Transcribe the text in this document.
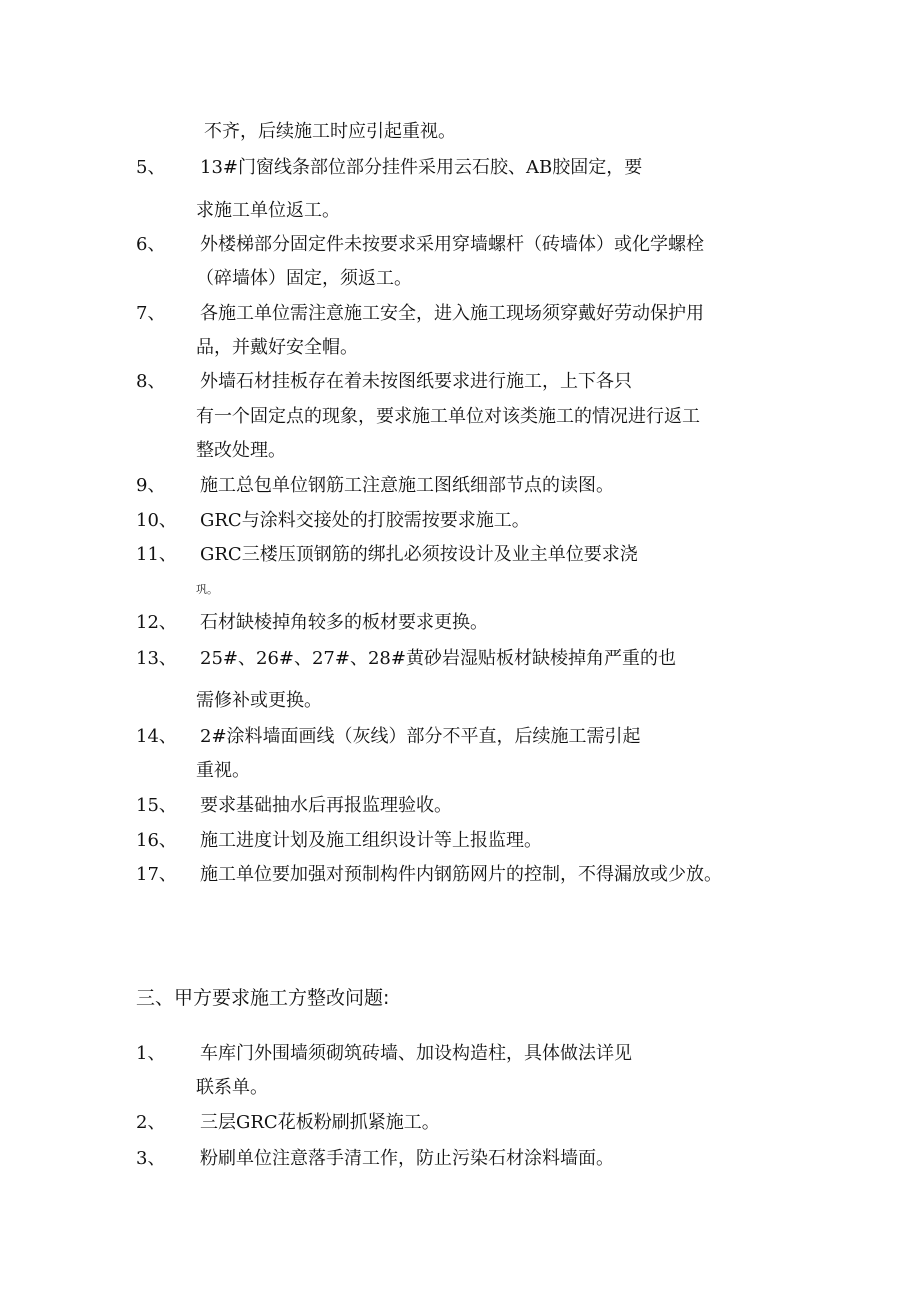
不齐，后续施工时应引起重视。
5、 13#门窗线条部位部分挂件采用云石胶、AB胶固定，要
求施工单位返工。
6、 外楼梯部分固定件未按要求采用穿墙螺杆（砖墙体）或化学螺栓
（碎墙体）固定，须返工。
7、 各施工单位需注意施工安全，进入施工现场须穿戴好劳动保护用
品，并戴好安全帽。
8、 外墙石材挂板存在着未按图纸要求进行施工，上下各只
有一个固定点的现象，要求施工单位对该类施工的情况进行返工
整改处理。
9、 施工总包单位钢筋工注意施工图纸细部节点的读图。
10、 GRC与涂料交接处的打胶需按要求施工。
11、 GRC三楼压顶钢筋的绑扎必须按设计及业主单位要求浇
巩。
12、 石材缺棱掉角较多的板材要求更换。
13、 25#、26#、27#、28#黄砂岩湿贴板材缺棱掉角严重的也
需修补或更换。
14、 2#涂料墙面画线（灰线）部分不平直，后续施工需引起
重视。
15、 要求基础抽水后再报监理验收。
16、 施工进度计划及施工组织设计等上报监理。
17、 施工单位要加强对预制构件内钢筋网片的控制，不得漏放或少放。
三、甲方要求施工方整改问题:
1、 车库门外围墙须砌筑砖墙、加设构造柱，具体做法详见
联系单。
2、 三层GRC花板粉刷抓紧施工。
3、 粉刷单位注意落手清工作，防止污染石材涂料墙面。
